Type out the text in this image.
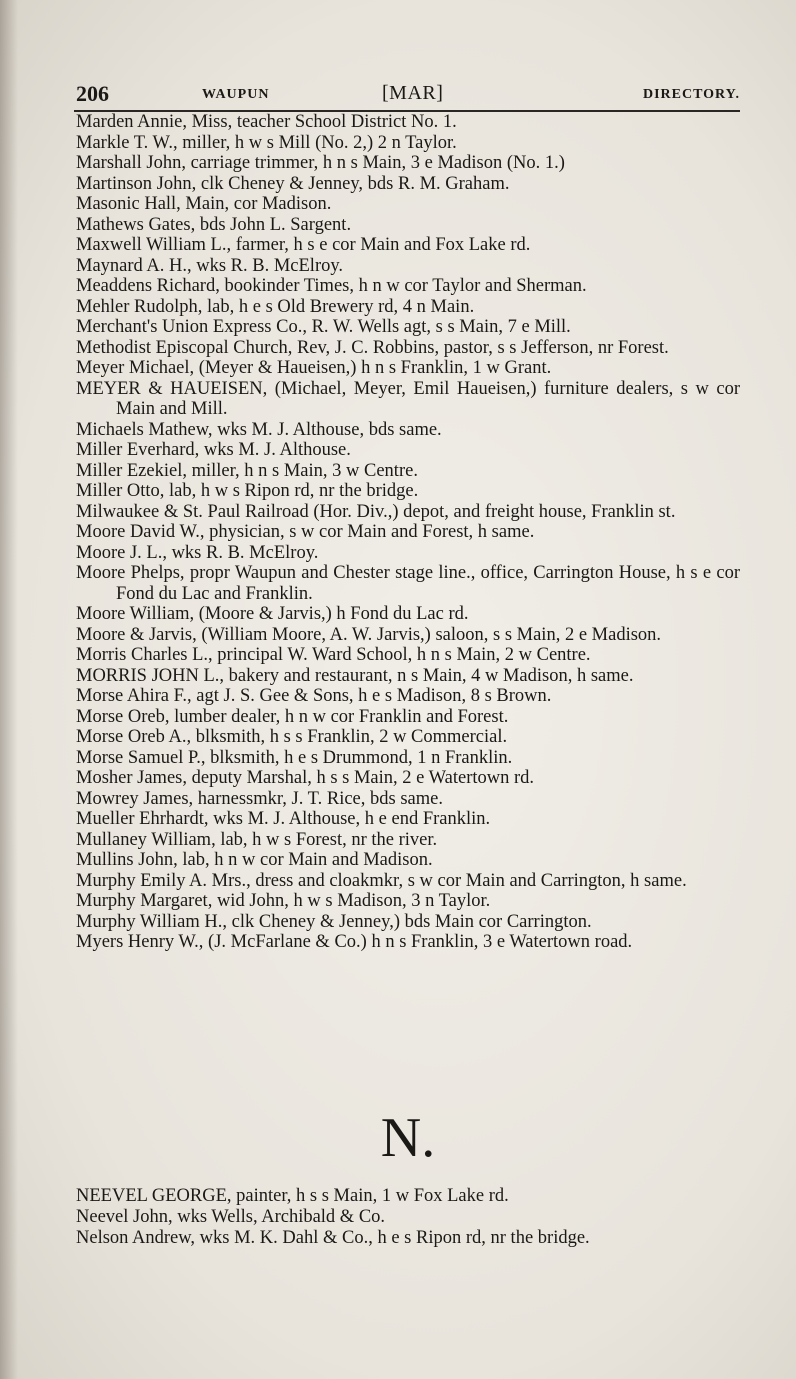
206	WAUPUN	[MAR]	DIRECTORY.
Marden Annie, Miss, teacher School District No. 1.
Markle T. W., miller, h w s Mill (No. 2,) 2 n Taylor.
Marshall John, carriage trimmer, h n s Main, 3 e Madison (No. 1.)
Martinson John, clk Cheney & Jenney, bds R. M. Graham.
Masonic Hall, Main, cor Madison.
Mathews Gates, bds John L. Sargent.
Maxwell William L., farmer, h s e cor Main and Fox Lake rd.
Maynard A. H., wks R. B. McElroy.
Meaddens Richard, bookinder Times, h n w cor Taylor and Sherman.
Mehler Rudolph, lab, h e s Old Brewery rd, 4 n Main.
Merchant's Union Express Co., R. W. Wells agt, s s Main, 7 e Mill.
Methodist Episcopal Church, Rev, J. C. Robbins, pastor, s s Jefferson, nr Forest.
Meyer Michael, (Meyer & Haueisen,) h n s Franklin, 1 w Grant.
MEYER & HAUEISEN, (Michael, Meyer, Emil Haueisen,) furniture dealers, s w cor Main and Mill.
Michaels Mathew, wks M. J. Althouse, bds same.
Miller Everhard, wks M. J. Althouse.
Miller Ezekiel, miller, h n s Main, 3 w Centre.
Miller Otto, lab, h w s Ripon rd, nr the bridge.
Milwaukee & St. Paul Railroad (Hor. Div.,) depot, and freight house, Franklin st.
Moore David W., physician, s w cor Main and Forest, h same.
Moore J. L., wks R. B. McElroy.
Moore Phelps, propr Waupun and Chester stage line., office, Carrington House, h s e cor Fond du Lac and Franklin.
Moore William, (Moore & Jarvis,) h Fond du Lac rd.
Moore & Jarvis, (William Moore, A. W. Jarvis,) saloon, s s Main, 2 e Madison.
Morris Charles L., principal W. Ward School, h n s Main, 2 w Centre.
MORRIS JOHN L., bakery and restaurant, n s Main, 4 w Madison, h same.
Morse Ahira F., agt J. S. Gee & Sons, h e s Madison, 8 s Brown.
Morse Oreb, lumber dealer, h n w cor Franklin and Forest.
Morse Oreb A., blksmith, h s s Franklin, 2 w Commercial.
Morse Samuel P., blksmith, h e s Drummond, 1 n Franklin.
Mosher James, deputy Marshal, h s s Main, 2 e Watertown rd.
Mowrey James, harnessmkr, J. T. Rice, bds same.
Mueller Ehrhardt, wks M. J. Althouse, h e end Franklin.
Mullaney William, lab, h w s Forest, nr the river.
Mullins John, lab, h n w cor Main and Madison.
Murphy Emily A. Mrs., dress and cloakmkr, s w cor Main and Carrington, h same.
Murphy Margaret, wid John, h w s Madison, 3 n Taylor.
Murphy William H., clk Cheney & Jenney,) bds Main cor Carrington.
Myers Henry W., (J. McFarlane & Co.) h n s Franklin, 3 e Watertown road.
N.
NEEVEL GEORGE, painter, h s s Main, 1 w Fox Lake rd.
Neevel John, wks Wells, Archibald & Co.
Nelson Andrew, wks M. K. Dahl & Co., h e s Ripon rd, nr the bridge.
